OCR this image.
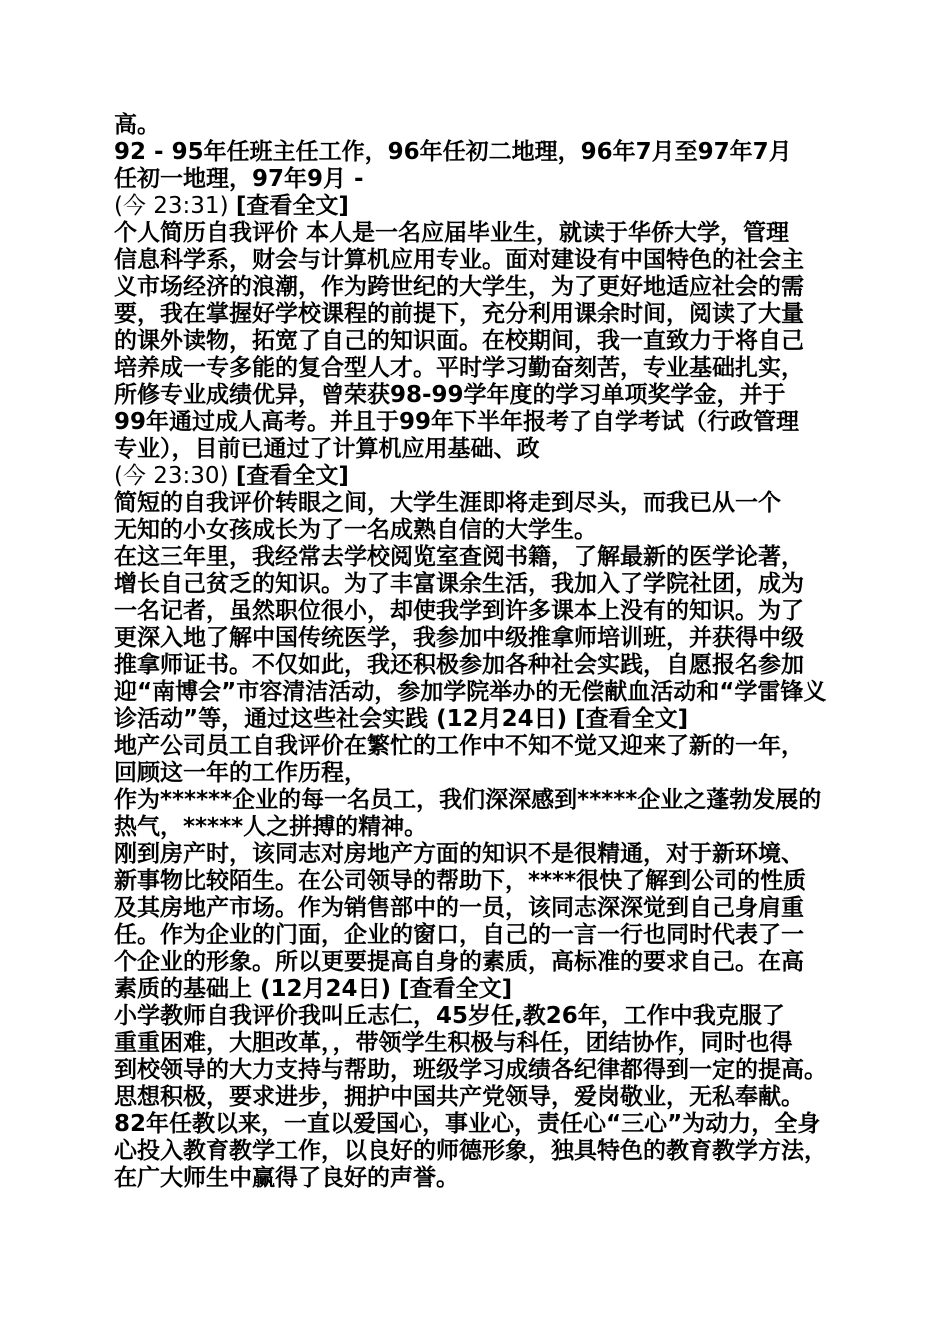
高。
92 - 95年任班主任工作，96年任初二地理，96年7月至97年7月
任初一地理，97年9月 -
(今 23:31) [查看全文]
个人简历自我评价 本人是一名应届毕业生，就读于华侨大学，管理
信息科学系，财会与计算机应用专业。面对建设有中国特色的社会主
义市场经济的浪潮，作为跨世纪的大学生，为了更好地适应社会的需
要，我在掌握好学校课程的前提下，充分利用课余时间，阅读了大量
的课外读物，拓宽了自己的知识面。在校期间，我一直致力于将自己
培养成一专多能的复合型人才。平时学习勤奋刻苦，专业基础扎实，
所修专业成绩优异，曾荣获98-99学年度的学习单项奖学金，并于
99年通过成人高考。并且于99年下半年报考了自学考试（行政管理
专业），目前已通过了计算机应用基础、政
(今 23:30) [查看全文]
简短的自我评价转眼之间，大学生涯即将走到尽头，而我已从一个
无知的小女孩成长为了一名成熟自信的大学生。
在这三年里，我经常去学校阅览室查阅书籍，了解最新的医学论著，
增长自己贫乏的知识。为了丰富课余生活，我加入了学院社团，成为
一名记者，虽然职位很小，却使我学到许多课本上没有的知识。为了
更深入地了解中国传统医学，我参加中级推拿师培训班，并获得中级
推拿师证书。不仅如此，我还积极参加各种社会实践，自愿报名参加
迎“南博会”市容清洁活动，参加学院举办的无偿献血活动和“学雷锋义
诊活动”等，通过这些社会实践 (12月24日) [查看全文]
地产公司员工自我评价在繁忙的工作中不知不觉又迎来了新的一年，
回顾这一年的工作历程，
作为******企业的每一名员工，我们深深感到*****企业之蓬勃发展的
热气，*****人之拼搏的精神。
刚到房产时，该同志对房地产方面的知识不是很精通，对于新环境、
新事物比较陌生。在公司领导的帮助下，****很快了解到公司的性质
及其房地产市场。作为销售部中的一员，该同志深深觉到自己身肩重
任。作为企业的门面，企业的窗口，自己的一言一行也同时代表了一
个企业的形象。所以更要提高自身的素质，高标准的要求自己。在高
素质的基础上 (12月24日) [查看全文]
小学教师自我评价我叫丘志仁，45岁任,教26年，工作中我克服了
重重困难，大胆改革，，带领学生积极与科任，团结协作，同时也得
到校领导的大力支持与帮助，班级学习成绩各纪律都得到一定的提高。
思想积极，要求进步，拥护中国共产党领导，爱岗敬业，无私奉献。
82年任教以来，一直以爱国心，事业心，责任心“三心”为动力，全身
心投入教育教学工作，以良好的师德形象，独具特色的教育教学方法，
在广大师生中赢得了良好的声誉。
